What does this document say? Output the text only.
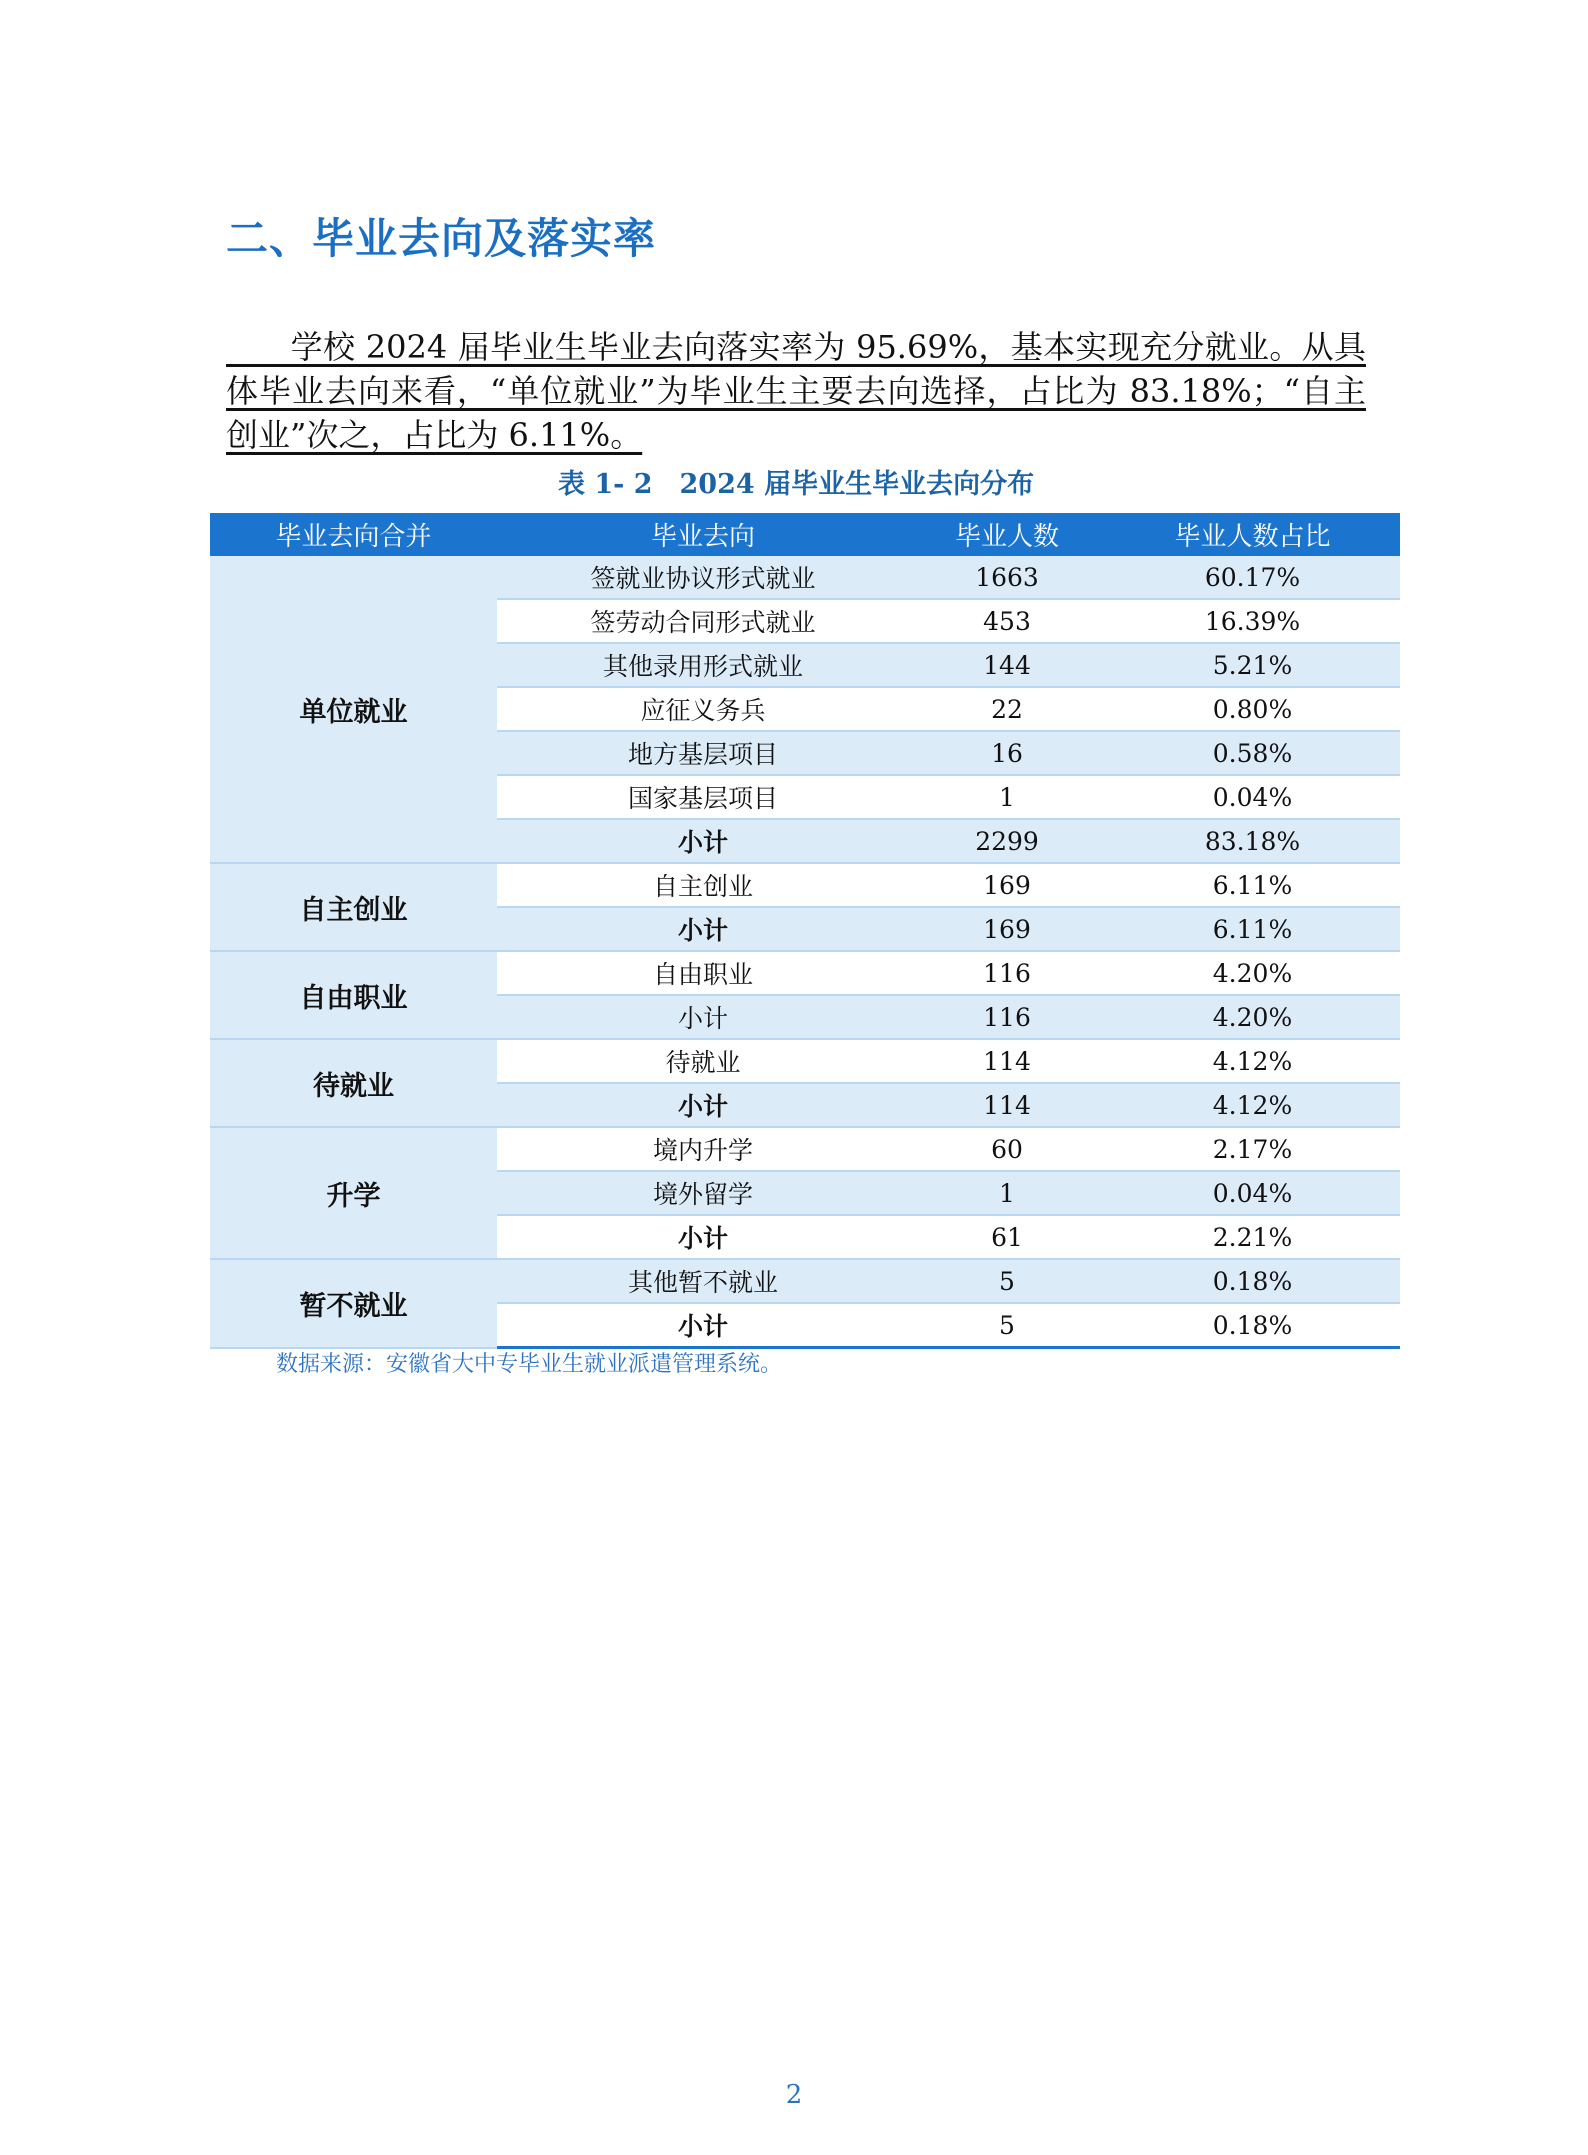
二、毕业去向及落实率
　　学校 2024 届毕业生毕业去向落实率为 95.69%，基本实现充分就业。从具体毕业去向来看，“单位就业”为毕业生主要去向选择，占比为 83.18%；“自主创业”次之，占比为 6.11%。
表 1- 2　2024 届毕业生毕业去向分布
毕业去向合并	毕业去向	毕业人数	毕业人数占比
单位就业	签就业协议形式就业	1663	60.17%
	签劳动合同形式就业	453	16.39%
	其他录用形式就业	144	5.21%
	应征义务兵	22	0.80%
	地方基层项目	16	0.58%
	国家基层项目	1	0.04%
	小计	2299	83.18%
自主创业	自主创业	169	6.11%
	小计	169	6.11%
自由职业	自由职业	116	4.20%
	小计	116	4.20%
待就业	待就业	114	4.12%
	小计	114	4.12%
升学	境内升学	60	2.17%
	境外留学	1	0.04%
	小计	61	2.21%
暂不就业	其他暂不就业	5	0.18%
	小计	5	0.18%
数据来源：安徽省大中专毕业生就业派遣管理系统。
2
